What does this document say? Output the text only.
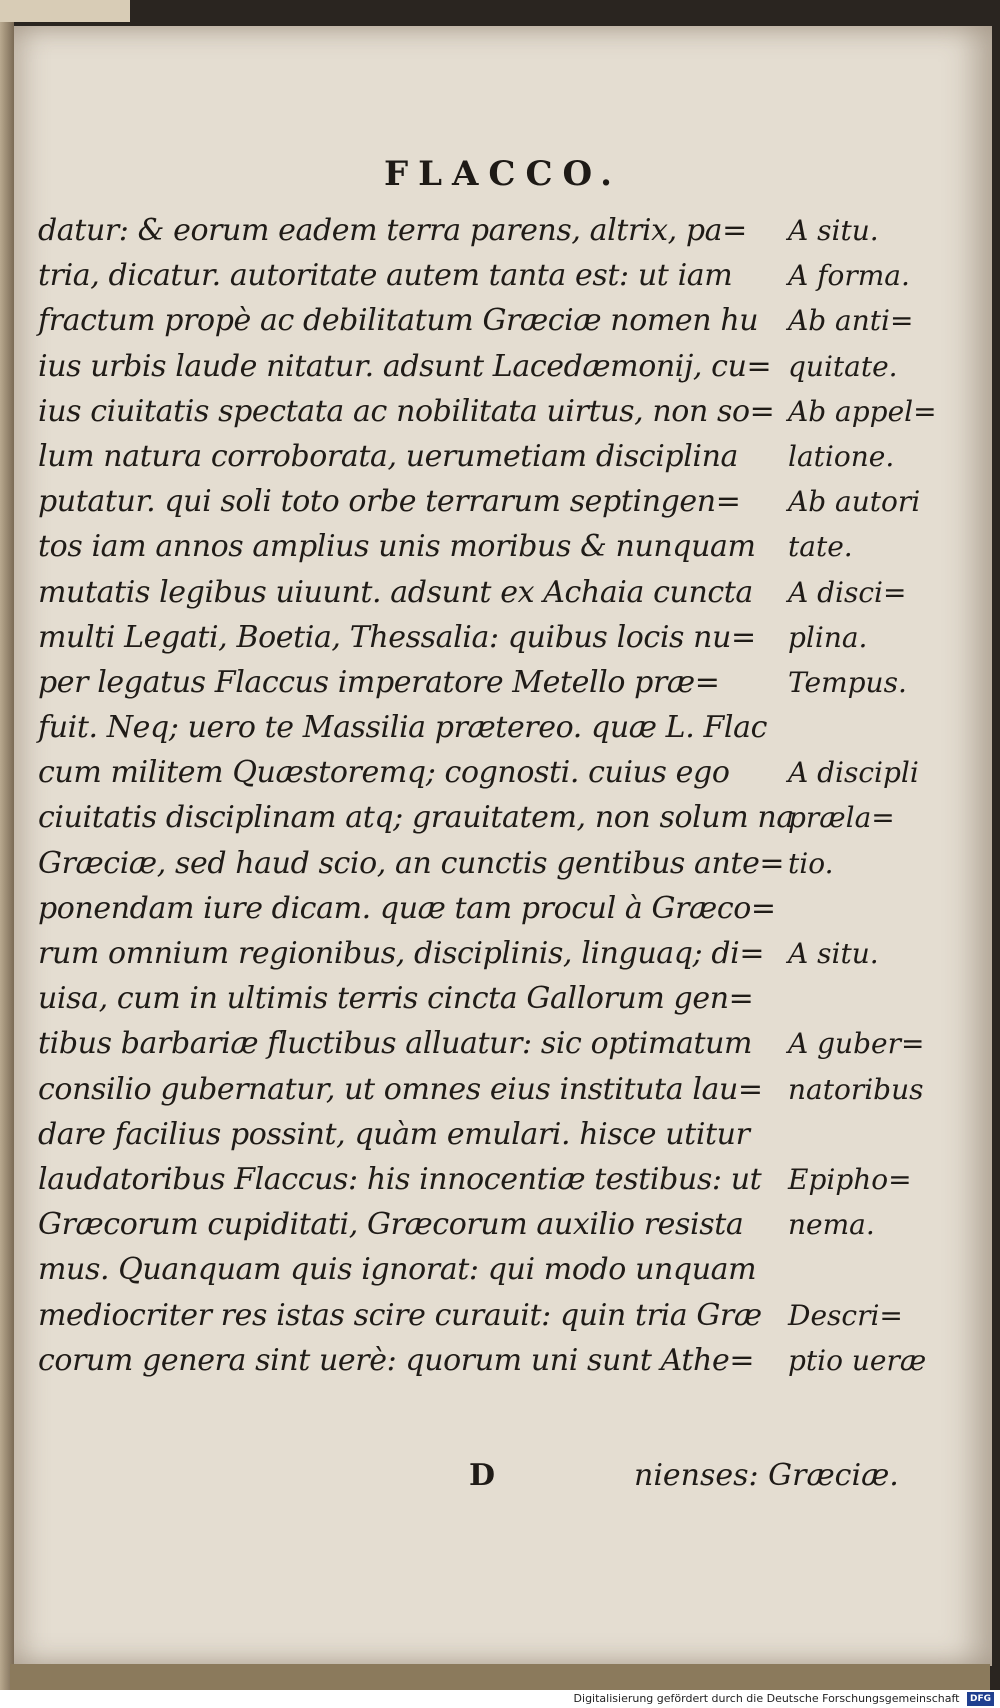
FLACCO.
datur: & eorum eadem terra parens, altrix, pa=
tria, dicatur. autoritate autem tanta est: ut iam
fractum propè ac debilitatum Græciæ nomen hu
ius urbis laude nitatur. adsunt Lacedæmonij, cu=
ius ciuitatis spectata ac nobilitata uirtus, non so=
lum natura corroborata, uerumetiam disciplina
putatur. qui soli toto orbe terrarum septingen=
tos iam annos amplius unis moribus & nunquam
mutatis legibus uiuunt. adsunt ex Achaia cuncta
multi Legati, Boetia, Thessalia: quibus locis nu=
per legatus Flaccus imperatore Metello præ=
fuit. Neq; uero te Massilia prætereo. quæ L. Flac
cum militem Quæstoremq; cognosti. cuius ego
ciuitatis disciplinam atq; grauitatem, non solum na
Græciæ, sed haud scio, an cunctis gentibus ante=
ponendam iure dicam. quæ tam procul à Græco=
rum omnium regionibus, disciplinis, linguaq; di=
uisa, cum in ultimis terris cincta Gallorum gen=
tibus barbariæ fluctibus alluatur: sic optimatum
consilio gubernatur, ut omnes eius instituta lau=
dare facilius possint, quàm emulari. hisce utitur
laudatoribus Flaccus: his innocentiæ testibus: ut
Græcorum cupiditati, Græcorum auxilio resista
mus. Quanquam quis ignorat: qui modo unquam
mediocriter res istas scire curauit: quin tria Græ
corum genera sint uerè: quorum uni sunt Athe=
A situ.
A forma.
Ab anti=
quitate.
Ab appel=
latione.
Ab autori
tate.
A disci=
plina.
Tempus.
A discipli
præla=
tio.
A situ.
A guber=
natoribus
Epipho=
nema.
Descri=
ptio ueræ
D	nienses: Græciæ.
Digitalisierung gefördert durch die Deutsche Forschungsgemeinschaft DFG
